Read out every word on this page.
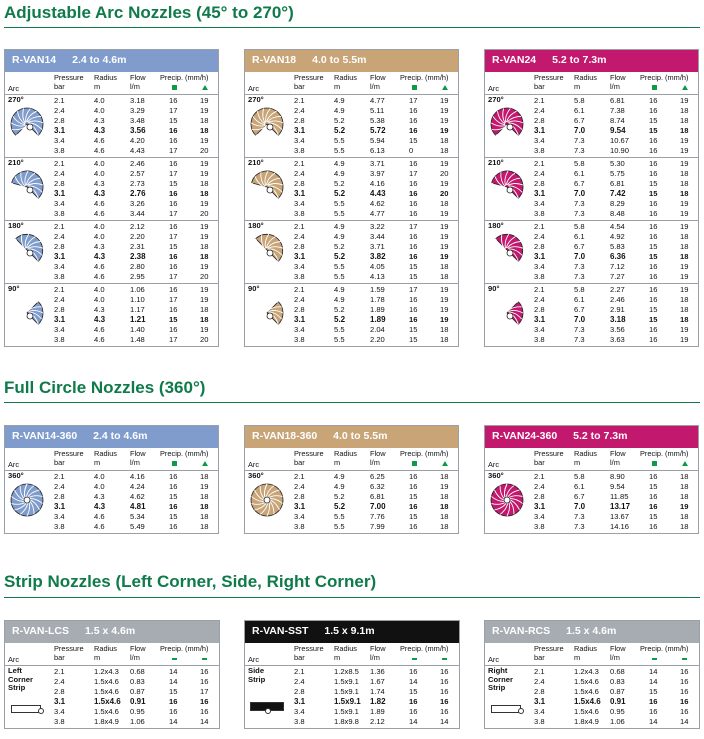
Adjustable Arc Nozzles (45° to 270°)
Full Circle Nozzles (360°)
Strip Nozzles (Left Corner, Side, Right Corner)
R-VAN14 2.4 to 4.6m
Arc
Pressure
bar
Radius
m
Flow
l/m
Precip. (mm/h)
270°	2.1	4.0	3.18	16	19
2.4	4.0	3.29	17	19
2.8	4.3	3.48	15	18
3.1	4.3	3.56	16	18
3.4	4.6	4.20	16	19
3.8	4.6	4.43	17	20
210°	2.1	4.0	2.46	16	19
2.4	4.0	2.57	17	19
2.8	4.3	2.73	15	18
3.1	4.3	2.76	16	18
3.4	4.6	3.26	16	19
3.8	4.6	3.44	17	20
180°	2.1	4.0	2.12	16	19
2.4	4.0	2.20	17	19
2.8	4.3	2.31	15	18
3.1	4.3	2.38	16	18
3.4	4.6	2.80	16	19
3.8	4.6	2.95	17	20
90°	2.1	4.0	1.06	16	19
2.4	4.0	1.10	17	19
2.8	4.3	1.17	16	18
3.1	4.3	1.21	15	18
3.4	4.6	1.40	16	19
3.8	4.6	1.48	17	20
R-VAN18 4.0 to 5.5m
Arc
Pressure
bar
Radius
m
Flow
l/m
Precip. (mm/h)
270°	2.1	4.9	4.77	17	19
2.4	4.9	5.11	16	19
2.8	5.2	5.38	16	19
3.1	5.2	5.72	16	19
3.4	5.5	5.94	15	18
3.8	5.5	6.13	0	18
210°	2.1	4.9	3.71	16	19
2.4	4.9	3.97	17	20
2.8	5.2	4.16	16	19
3.1	5.2	4.43	16	20
3.4	5.5	4.62	16	18
3.8	5.5	4.77	16	19
180°	2.1	4.9	3.22	17	19
2.4	4.9	3.44	16	19
2.8	5.2	3.71	16	19
3.1	5.2	3.82	16	19
3.4	5.5	4.05	15	18
3.8	5.5	4.13	15	18
90°	2.1	4.9	1.59	17	19
2.4	4.9	1.78	16	19
2.8	5.2	1.89	16	19
3.1	5.2	1.89	16	19
3.4	5.5	2.04	15	18
3.8	5.5	2.20	15	18
R-VAN24 5.2 to 7.3m
Arc
Pressure
bar
Radius
m
Flow
l/m
Precip. (mm/h)
270°	2.1	5.8	6.81	16	19
2.4	6.1	7.38	16	18
2.8	6.7	8.74	15	18
3.1	7.0	9.54	15	18
3.4	7.3	10.67	16	19
3.8	7.3	10.90	16	19
210°	2.1	5.8	5.30	16	19
2.4	6.1	5.75	16	18
2.8	6.7	6.81	15	18
3.1	7.0	7.42	15	18
3.4	7.3	8.29	16	19
3.8	7.3	8.48	16	19
180°	2.1	5.8	4.54	16	19
2.4	6.1	4.92	16	18
2.8	6.7	5.83	15	18
3.1	7.0	6.36	15	18
3.4	7.3	7.12	16	19
3.8	7.3	7.27	16	19
90°	2.1	5.8	2.27	16	19
2.4	6.1	2.46	16	18
2.8	6.7	2.91	15	18
3.1	7.0	3.18	15	18
3.4	7.3	3.56	16	19
3.8	7.3	3.63	16	19
R-VAN14-360 2.4 to 4.6m
Arc
Pressure
bar
Radius
m
Flow
l/m
Precip. (mm/h)
360°	2.1	4.0	4.16	16	18
2.4	4.0	4.24	16	19
2.8	4.3	4.62	15	18
3.1	4.3	4.81	16	18
3.4	4.6	5.34	15	18
3.8	4.6	5.49	16	18
R-VAN18-360 4.0 to 5.5m
Arc
Pressure
bar
Radius
m
Flow
l/m
Precip. (mm/h)
360°	2.1	4.9	6.25	16	18
2.4	4.9	6.32	16	19
2.8	5.2	6.81	15	18
3.1	5.2	7.00	16	18
3.4	5.5	7.76	15	18
3.8	5.5	7.99	16	18
R-VAN24-360 5.2 to 7.3m
Arc
Pressure
bar
Radius
m
Flow
l/m
Precip. (mm/h)
360°	2.1	5.8	8.90	16	18
2.4	6.1	9.54	15	18
2.8	6.7	11.85	16	18
3.1	7.0	13.17 16	19
3.4	7.3	13.67	15	18
3.8	7.3	14.16	16	18
R-VAN-LCS 1.5 x 4.6m
Arc
Pressure
bar
Radius
m
Flow
l/m
Precip. (mm/h)
Left
Corner
Strip
2.1	1.2x4.3 0.68	14	16
2.4	1.5x4.6 0.83	14	16
2.8	1.5x4.6 0.87	15	17
3.1	1.5x4.6 0.91	16	16
3.4	1.5x4.6 0.95	16	16
3.8	1.8x4.9 1.06	14	14
R-VAN-SST 1.5 x 9.1m
Arc
Pressure
bar
Radius
m
Flow
l/m
Precip. (mm/h)
Side
Strip
2.1	1.2x8.5 1.36	16	16
2.4	1.5x9.1 1.67	14	16
2.8	1.5x9.1 1.74	15	16
3.1	1.5x9.1 1.82	16	16
3.4	1.5x9.1 1.89	16	16
3.8	1.8x9.8 2.12	14	14
R-VAN-RCS 1.5 x 4.6m
Arc
Pressure
bar
Radius
m
Flow
l/m
Precip. (mm/h)
Right
Corner
Strip
2.1	1.2x4.3 0.68	14	16
2.4	1.5x4.6 0.83	14	16
2.8	1.5x4.6 0.87	15	16
3.1	1.5x4.6 0.91	16	16
3.4	1.5x4.6 0.95	16	16
3.8	1.8x4.9 1.06	14	14
